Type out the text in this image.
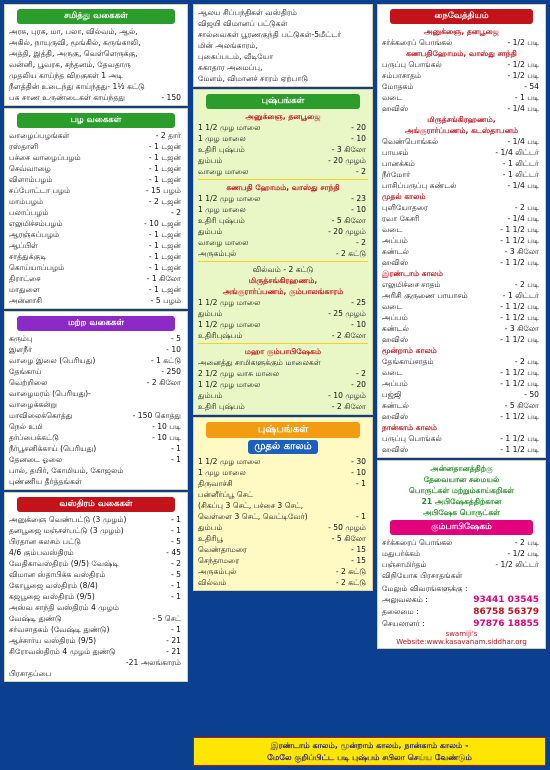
சமித்து வகைகள்
அரசு, புரசு, மா, பலா, வில்வம், ஆல்,
அகில், நாயுருவி, மூங்கில், கருங்காலி,
அத்தி, இத்தி, அருகு, வெள்ளெருக்கு,
வன்னி, பூவரசு, சந்தனம், தேவதாரு
முதலிய காய்ந்த விறகுகள் 1 அடி
நீளத்தின் உடைந்து காய்ந்தது- 1½ கட்டு
பசு சாண உருண்டைகள் காய்ந்தது	- 150
பழ வகைகள்
வாழைப்பழங்கள்	- 2 தார்
ரஸ்தாளி	- 1 டஜன்
பச்சை வாழைப்பழம்	- 1 டஜன்
செவ்வாழை	- 1 டஜன்
விளாம்பழம்	- 1 டஜன்
சப்போட்டா பழம்	- 15 பழம்
மாம்பழம்	- 2 டஜன்
பலாப்பழம்	- 2
எலுமிச்சம்பழம்	- 10 டஜன்
ஆரஞ்சுப்பழம்	- 1 டஜன்
ஆப்பிள்	- 1 டஜன்
சாத்துக்குடி	- 1 டஜன்
கொய்யாப்பழம்	- 1 டஜன்
திராட்சை	- 1 கிலோ
மாதுளை	- 1 டஜன்
அன்னாசி	- 5 பழம்
மற்ற வகைகள்
கரும்பு	- 5
இளநீர்	- 10
வாழை இலை (பெரியது)	- 1 கட்டு
தேங்காய்	- 250
வெற்றிலை	- 2 கிலோ
வாழைமரம் (பெரியது)-
வாழைக்கன்று
மாவிலைக்கொத்து	- 150 கொத்து
நெல் உமி	- 10 படி
தர்ப்பைக்கட்டு	- 10 படி
நீர்பூசனிக்காய் (பெரியது)	- 1
தேனடை ஓலை	- 1
பால், தயிர், கோமியம், கோஜலம்
புண்ணிய தீர்த்தங்கள்
வஸ்திரம் வகைகள்
அனுக்ஞை வெண்பட்டு (3 முழம்)	- 1
தனபூஜை மஞ்சள்பட்டு (3 முழம்)	- 1
பிரதான கலசம் பட்டு	- 5
4/6 கும்பவஸ்திரம்	- 45
வேதிகாவஸ்திரம் (9/5) வேஷ்டி	- 2
விமான ஸ்தாபிக்க வஸ்திரம்	- 5
கோபூஜை வஸ்திரம் (8/4)	- 1
கஜபூஜை வஸ்திரம் (9/5)	- 1
அஸ்வ சாந்தி வஸ்திரம் 4 முழம்
வேஷ்டி துண்டு	- 5 செட்
சர்வசாதகம் (வேஷ்டி துண்டு)	- 1
ஆச்சார்ய வஸ்திரம் (9/5)	- 21
சிரோவஸ்திரம் 4 முழம் துண்டு	- 21
-21 அலங்காரம்
பிரசாதப்பை
ஆலய சிப்பந்திகள் வஸ்திரம்
விஜயி விமானப் பட்டுகள்
சால்வைகள் பூரணகுந்தி பட்டுகள்-5மீட்டர்
மின் அலங்காரம்,
புகைப்படம், வீடியோ
சுகாதார அமைப்பு,
மேளம், விமானச் சாரம் ஏற்பாடு
புஷ்பங்கள்
அனுக்ஞை, தனபூஜை
1 1/2 முழ மாலை	- 20
1 முழ மாலை	- 10
உதிரி புஷ்பம்	- 3 கிலோ
தும்பம்	- 20 முழம்
வாழை மாலை	- 2
கணபதி ஹோமம், வாஸ்து சாந்தி
1 1/2 முழ மாலை	- 23
1 முழ மாலை	- 10
உதிரி புஷ்பம்	- 5 கிலோ
தும்பம்	- 20 முழம்
வாழை மாலை	- 2
அருகம்புல்	- 2 கட்டு
வில்வம் - 2 கட்டு
மிருத்சங்கிரஹணம்,
அங்குரார்ப்பணம், கும்பாலங்காரம்
1 1/2 முழ மாலை	- 25
தும்பம்	- 25 முழம்
1 1/2 முழ மாலை	- 10
உதிரிபுஷ்பம்	- 2 கிலோ
மஹா கும்பாபிஷேகம்
அனைத்து சாமிகளுக்கும் மாலைகள்
2 1/2 முழ வாசு மாலை	- 2
1 1/2 முழ மாலை	- 20
தும்பம்	- 10 முழம்
உதிரி புஷ்பம்	- 2 கிலோ
புஷ்பங்கள்
முதல் காலம்
1 1/2 முழ மாலை	- 30
1 முழ மாலை	- 10
திருவாச்சி	- 1
பன்னீர்ப்பூ செட்
(சிகப்பு 3 செட், பச்சை 3 செட்,
வெள்ளை 3 செட், வெட்டிவேர்)	- 1
தும்பம்	- 50 முழம்
உதிரிபூ	- 5 கிலோ
வெண்தாமரை	- 15
செந்தாமரை	- 15
அருகம்புல்	- 2 கட்டு
வில்வம்	- 2 கட்டு
நைவேத்தியம்
அனுக்ஞை, தனபூஜை
சர்க்கரைப் பொங்கல்	- 1/2 படி
கணபதிஹோமம், வாஸ்து சாந்தி
பருப்பு பொங்கல்	- 1/2 படி
சம்பாசாதம்	- 1/2 படி
மோதகம்	- 54
வடை	- 1 படி
ஹவிஸ்	- 1/4 படி
மிருத்சங்கிரஹணம்,
அங்குரார்ப்பணம், கடஸ்தாபனம்
வெண்பொங்கல்	- 1/4 படி
பாயசம்	- 1/4 லிட்டர்
பானக்கம்	- 1 லிட்டர்
நீர்மோர்	- 1 லிட்டர்
பாசிப்பருப்பு சுண்டல்	- 1/4 படி
முதல் காலம்
புளியோதரை	- 2 படி
ரவா கேசரி	- 1/4 படி
வடை	- 1 1/2 படி
அப்பம்	- 1 1/2 படி
சுண்டல்	- 3 கிலோ
ஹவிஸ்	- 1 1/2 படி
இரண்டாம் காலம்
எலுமிச்சை சாதம்	- 2 படி
அரிசி குருணை பாயாசம்	- 1 லிட்டர்
வடை	- 1 1/2 படி
அப்பம்	- 1 1/2 படி
சுண்டல்	- 3 கிலோ
ஹவிஸ்	- 1 1/2 படி
மூன்றாம் காலம்
தேங்காய்சாதம்	- 2 படி
வடை	- 1 1/2 படி
அப்பம்	- 1 1/2 படி
பஜ்ஜி	- 50
சுண்டல்	- 5 கிலோ
ஹவிஸ்	- 1 1/2 படி
நான்காம் காலம்
பருப்பு பொங்கல்	- 1 1/2 படி
ஹவிஸ்	- 1 1/2 படி
அன்னதானத்திற்கு
தேவையான சமையல்
பொருட்கள் மற்றும்காய்கறிகள்
21 அபிஷேகத்திற்கான
அபிஷேக பொருட்கள்
கும்பாபிஷேகம்
சர்க்கரைப் பொங்கல்	- 2 படி
மதுபர்க்கம்	- 1/2 படி
பஞ்சாமிர்தம்	- 1/2 லிட்டர்
விநியோக பிரசாதங்கள்
மேலும் விவரங்களுக்கு :
அலுவலகம் :	93441 03545
தலைமை :	86758 56379
செயலாளர் :	97876 18855
swamiji's Website:www.kasavanam.siddhar.org
இரண்டாம் காலம், மூன்றாம் காலம், நான்காம் காலம் -
மேலே குறிப்பிட்ட படி புஷ்பம் சபிலா செய்ய வேண்டும்
